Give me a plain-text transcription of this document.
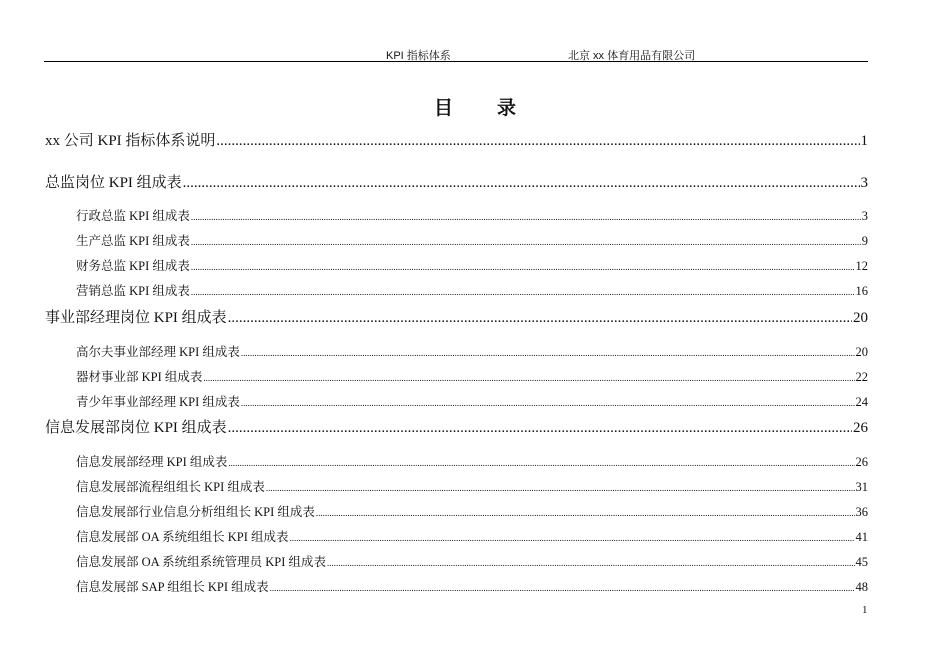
KPI 指标体系	北京 xx 体育用品有限公司
目 录
xx 公司 KPI 指标体系说明 .....	1
总监岗位 KPI 组成表 .....	3
行政总监 KPI 组成表 .....	3
生产总监 KPI 组成表 .....	9
财务总监 KPI 组成表 .....	12
营销总监 KPI 组成表 .....	16
事业部经理岗位 KPI 组成表 .....	20
高尔夫事业部经理 KPI 组成表 .....	20
器材事业部 KPI 组成表 .....	22
青少年事业部经理 KPI 组成表 .....	24
信息发展部岗位 KPI 组成表 .....	26
信息发展部经理 KPI 组成表 .....	26
信息发展部流程组组长 KPI 组成表 .....	31
信息发展部行业信息分析组组长 KPI 组成表 .....	36
信息发展部 OA 系统组组长 KPI 组成表 .....	41
信息发展部 OA 系统组系统管理员 KPI 组成表 .....	45
信息发展部 SAP 组组长 KPI 组成表 .....	48
1
